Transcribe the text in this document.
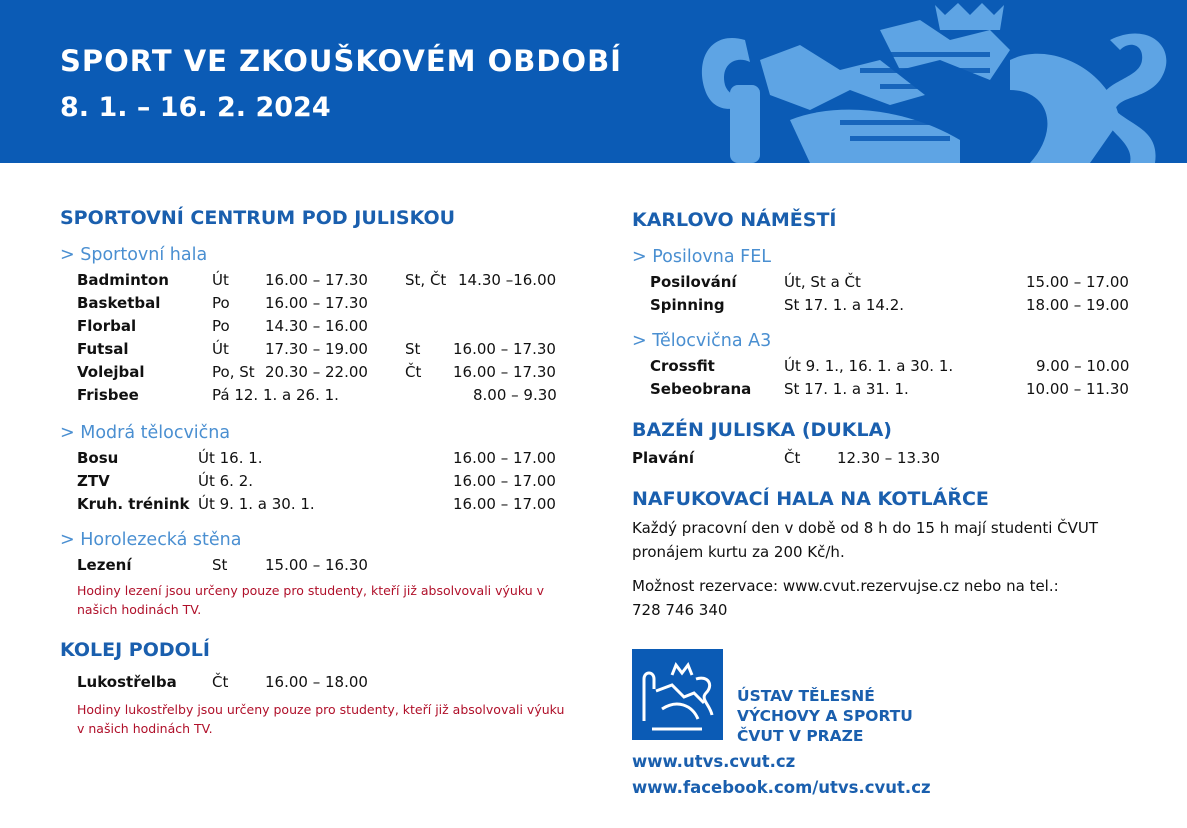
SPORT VE ZKOUŠKOVÉM OBDOBÍ
8. 1. – 16. 2. 2024
SPORTOVNÍ CENTRUM POD JULISKOU
> Sportovní hala
Badminton	Út 16.00 – 17.30 St, Čt 14.30 –16.00
Basketbal	Po 16.00 – 17.30
Florbal	Po 14.30 – 16.00
Futsal	Út 17.30 – 19.00 St 16.00 – 17.30
Volejbal	Po, St 20.30 – 22.00 Čt 16.00 – 17.30
Frisbee	Pá 12. 1. a 26. 1.	8.00 – 9.30
> Modrá tělocvična
Bosu	Út 16. 1.	16.00 – 17.00
ZTV	Út 6. 2.	16.00 – 17.00
Kruh. trénink Út 9. 1. a 30. 1.	16.00 – 17.00
> Horolezecká stěna
Lezení	St	15.00 – 16.30
Hodiny lezení jsou určeny pouze pro studenty, kteří již absolvovali výuku v našich hodinách TV.
KOLEJ PODOLÍ
Lukostřelba Čt 16.00 – 18.00
Hodiny lukostřelby jsou určeny pouze pro studenty, kteří již absolvovali výuku v našich hodinách TV.
KARLOVO NÁMĚSTÍ
> Posilovna FEL
Posilování	Út, St a Čt	15.00 – 17.00
Spinning	St 17. 1. a 14.2.	18.00 – 19.00
> Tělocvična A3
Crossfit	Út 9. 1., 16. 1. a 30. 1.	9.00 – 10.00
Sebeobrana St 17. 1. a 31. 1.	10.00 – 11.30
BAZÉN JULISKA (DUKLA)
Plavání	Čt 12.30 – 13.30
NAFUKOVACÍ HALA NA KOTLÁŘCE
Každý pracovní den v době od 8 h do 15 h mají studenti ČVUT pronájem kurtu za 200 Kč/h.
Možnost rezervace: www.cvut.rezervujse.cz nebo na tel.: 728 746 340
ÚSTAV TĚLESNÉ
VÝCHOVY A SPORTU
ČVUT V PRAZE
www.utvs.cvut.cz
www.facebook.com/utvs.cvut.cz
